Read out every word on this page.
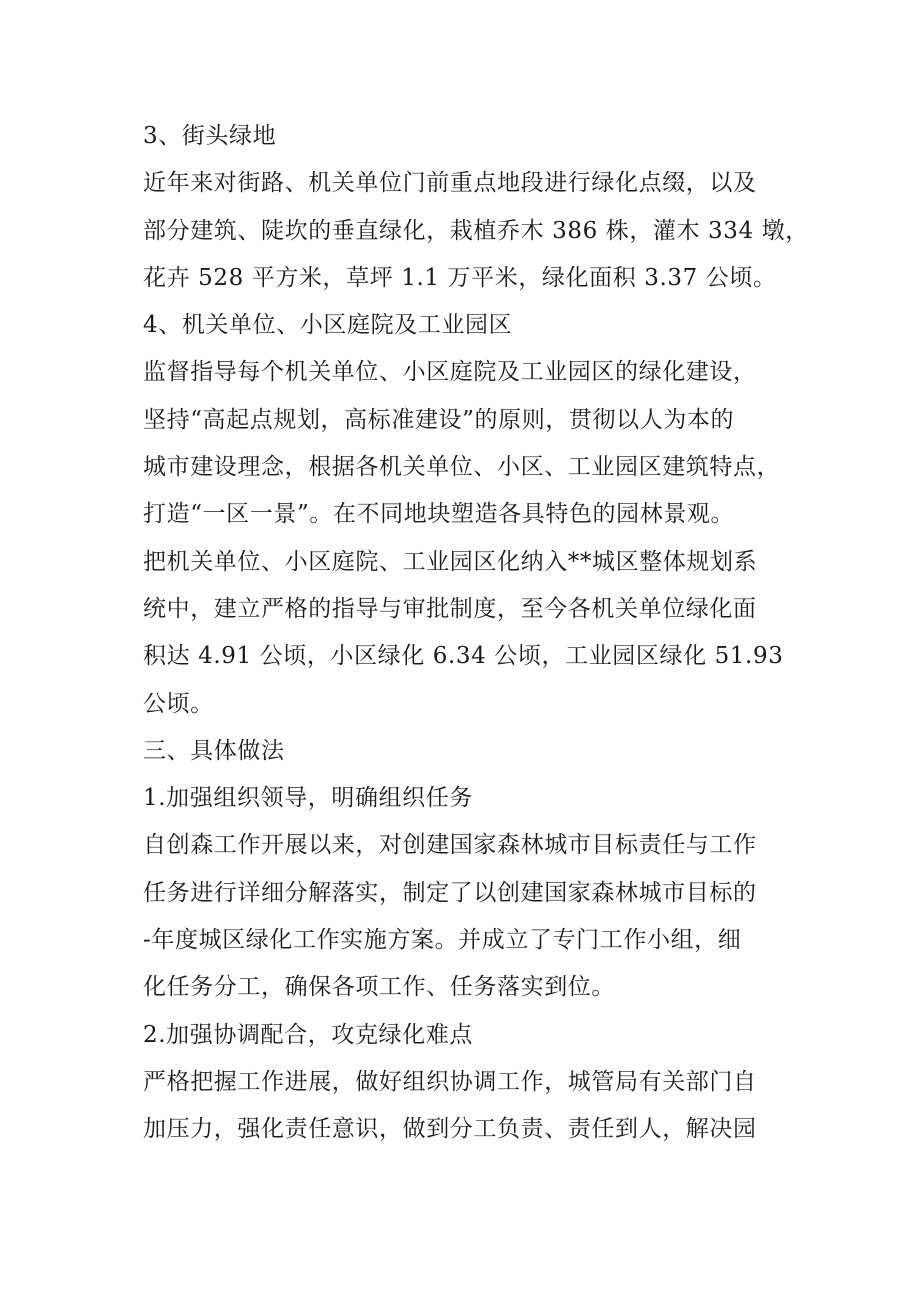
3、街头绿地

近年来对街路、机关单位门前重点地段进行绿化点缀，以及

部分建筑、陡坎的垂直绿化，栽植乔木 386 株，灌木 334 墩，

花卉 528 平方米，草坪 1.1 万平米，绿化面积 3.37 公顷。

4、机关单位、小区庭院及工业园区

监督指导每个机关单位、小区庭院及工业园区的绿化建设，

坚持“高起点规划，高标准建设”的原则，贯彻以人为本的

城市建设理念，根据各机关单位、小区、工业园区建筑特点，

打造“一区一景”。在不同地块塑造各具特色的园林景观。

把机关单位、小区庭院、工业园区化纳入**城区整体规划系

统中，建立严格的指导与审批制度，至今各机关单位绿化面

积达 4.91 公顷，小区绿化 6.34 公顷，工业园区绿化 51.93

公顷。

三、具体做法

1.加强组织领导，明确组织任务

自创森工作开展以来，对创建国家森林城市目标责任与工作

任务进行详细分解落实，制定了以创建国家森林城市目标的

-年度城区绿化工作实施方案。并成立了专门工作小组，细

化任务分工，确保各项工作、任务落实到位。

2.加强协调配合，攻克绿化难点

严格把握工作进展，做好组织协调工作，城管局有关部门自

加压力，强化责任意识，做到分工负责、责任到人，解决园
